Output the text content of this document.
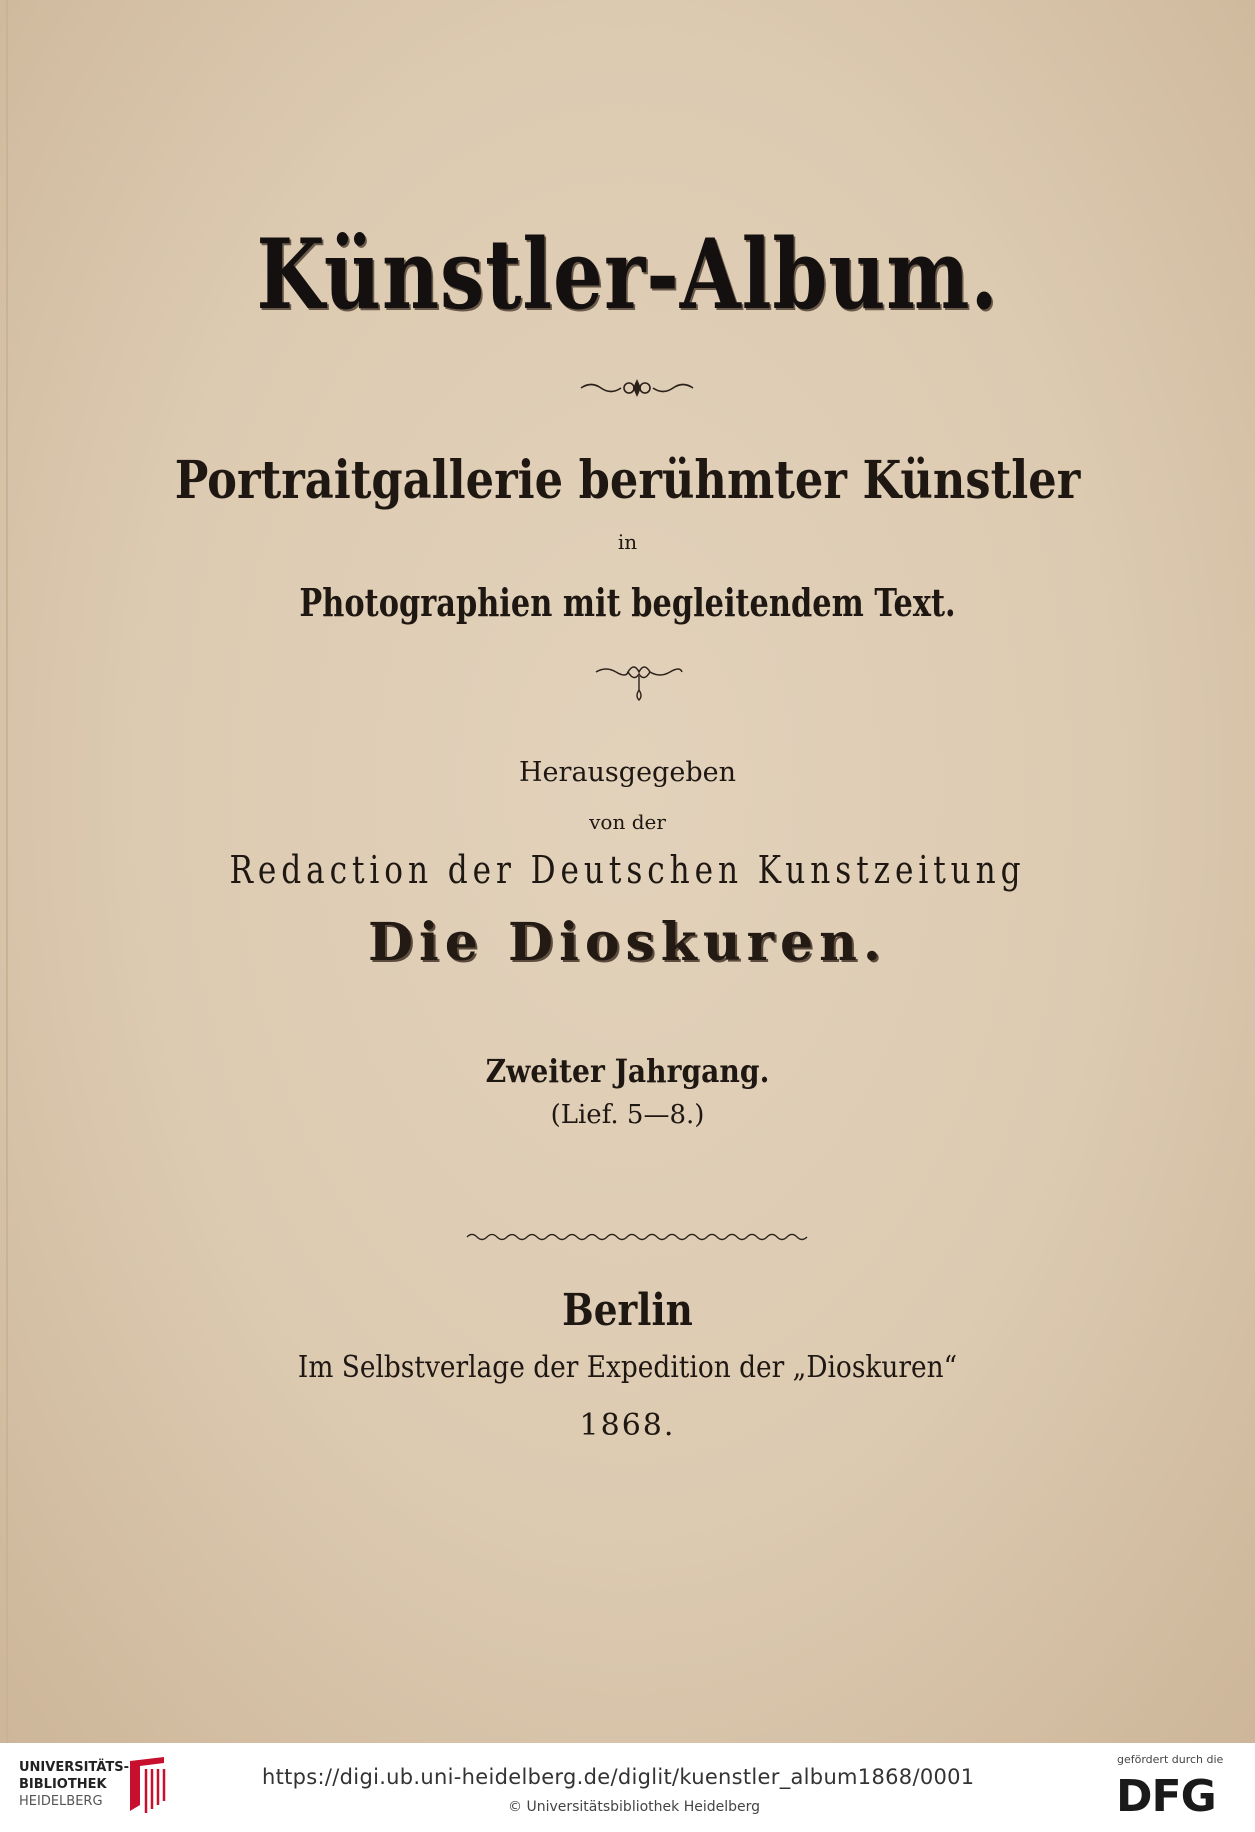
Künstler-Album.
Portraitgallerie berühmter Künstler
in
Photographien mit begleitendem Text.
Herausgegeben
von der
Redaction der Deutschen Kunstzeitung
Die Dioskuren.
Zweiter Jahrgang.
(Lief. 5—8.)
Berlin
Im Selbstverlage der Expedition der „Dioskuren“
1868.
UNIVERSITÄTS-
BIBLIOTHEK
HEIDELBERG
https://digi.ub.uni-heidelberg.de/diglit/kuenstler_album1868/0001
© Universitätsbibliothek Heidelberg
gefördert durch die
DFG
